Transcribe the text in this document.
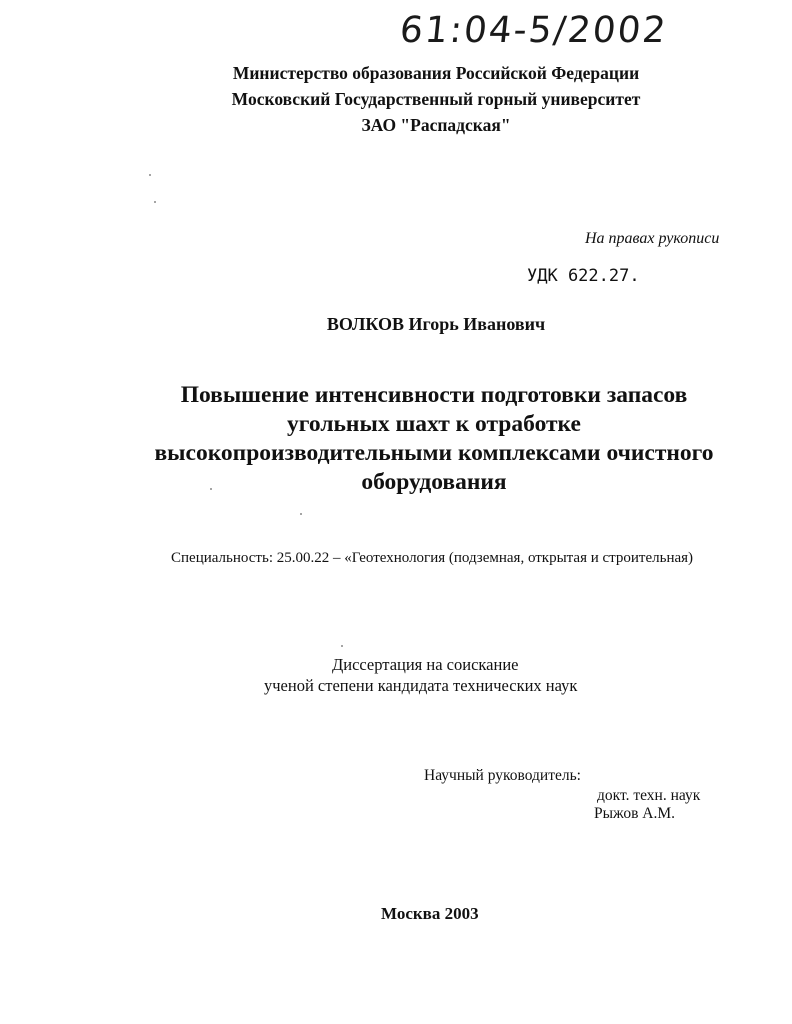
61:04-5/2002
Министерство образования Российской Федерации
Московский Государственный горный университет
ЗАО "Распадская"
На правах рукописи
УДК 622.27.
ВОЛКОВ Игорь Иванович
Повышение интенсивности подготовки запасов
угольных шахт к отработке
высокопроизводительными комплексами очистного
оборудования
Специальность: 25.00.22 – «Геотехнология (подземная, открытая и строительная)
Диссертация на соискание
ученой степени кандидата технических наук
Научный руководитель:
докт. техн. наук
Рыжов А.М.
Москва 2003
